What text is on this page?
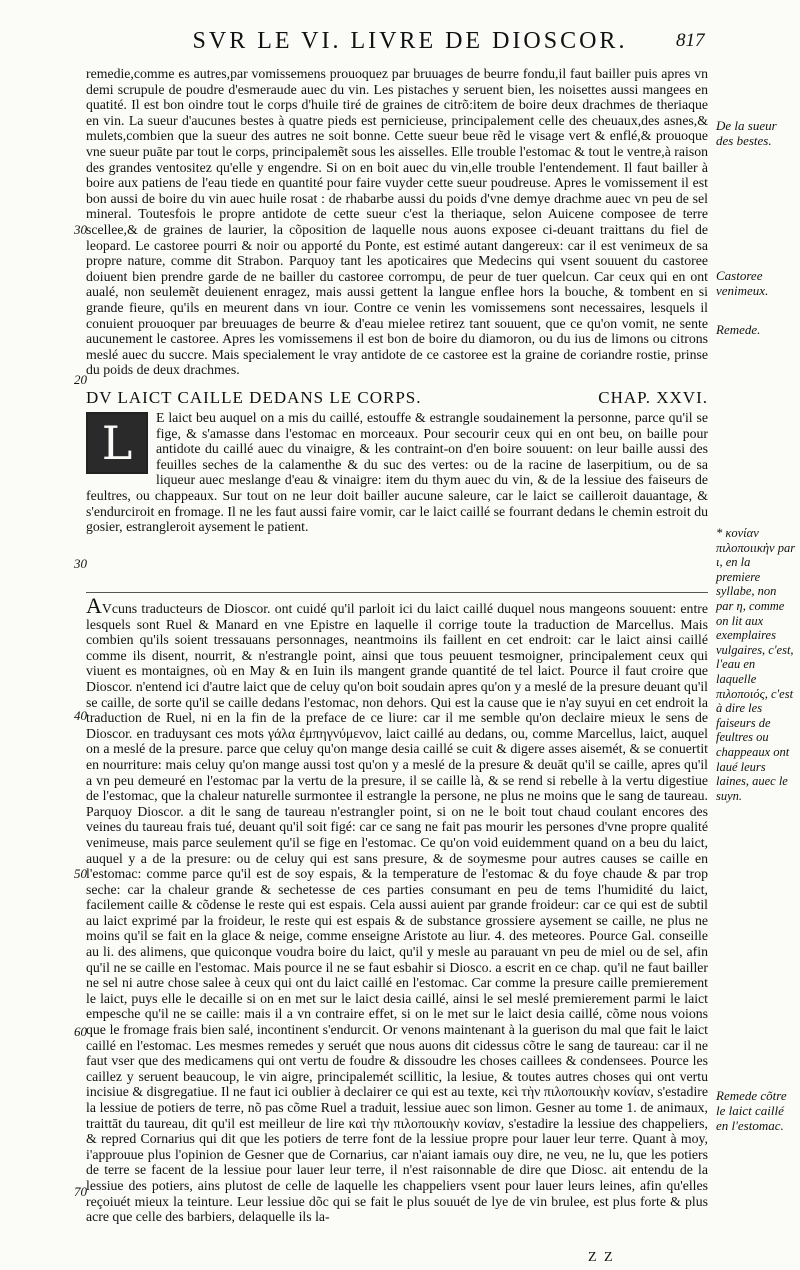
SVR LE VI. LIVRE DE DIOSCOR.	817

remedie,comme es autres,par vomissemens prouoquez par bruuages de beurre fondu,il faut bailler puis apres vn demi scrupule de poudre d'esmeraude auec du vin. Les pistaches y seruent bien, les noisettes aussi mangees en quatité. Il est bon oindre tout le corps d'huile tiré de graines de citrõ:item de boire deux drachmes de theriaque en vin. La sueur d'aucunes bestes à quatre pieds est pernicieuse, principalement celle des cheuaux,des asnes,& mulets,combien que la sueur des autres ne soit bonne. Cette sueur beue rẽd le visage vert & enflé,& prouoque vne sueur puāte par tout le corps, principalemẽt sous les aisselles. Elle trouble l'estomac & tout le ventre,à raison des grandes ventositez qu'elle y engendre. Si on en boit auec du vin,elle trouble l'entendement. Il faut bailler à boire aux patiens de l'eau tiede en quantité pour faire vuyder cette sueur poudreuse. Apres le vomissement il est bon aussi de boire du vin auec huile rosat : de rhabarbe aussi du poids d'vne demye drachme auec vn peu de sel mineral. Toutesfois le propre antidote de cette sueur c'est la theriaque, selon Auicene composee de terre scellee,& de graines de laurier, la cõposition de laquelle nous auons exposee ci-deuant traittans du fiel de leopard. Le castoree pourri & noir ou apporté du Ponte, est estimé autant dangereux: car il est venimeux de sa propre nature, comme dit Strabon. Parquoy tant les apoticaires que Medecins qui vsent souuent du castoree doiuent bien prendre garde de ne bailler du castoree corrompu, de peur de tuer quelcun. Car ceux qui en ont aualé, non seulemẽt deuienent enragez, mais aussi gettent la langue enflee hors la bouche, & tombent en si grande fieure, qu'ils en meurent dans vn iour. Contre ce venin les vomissemens sont necessaires, lesquels il conuient prouoquer par breuuages de beurre & d'eau mielee retirez tant souuent, que ce qu'on vomit, ne sente aucunement le castoree. Apres les vomissemens il est bon de boire du diamoron, ou du ius de limons ou citrons meslé auec du succre. Mais specialement le vray antidote de ce castoree est la graine de coriandre rostie, prinse du poids de deux drachmes.

DV LAICT CAILLE DEDANS LE CORPS.	CHAP. XXVI.
L	E laict beu auquel on a mis du caillé, estouffe & estrangle soudainement la personne, parce qu'il se fige, & s'amasse dans l'estomac en morceaux. Pour secourir ceux qui en ont beu, on baille pour antidote du caillé auec du vinaigre, & les contraint-on d'en boire souuent: on leur baille aussi des feuilles seches de la calamenthe & du suc des vertes: ou de la racine de laserpitium, ou de sa liqueur auec meslange d'eau & vinaigre: item du thym auec du vin, & de la lessiue des faiseurs de feultres, ou chappeaux. Sur tout on ne leur doit bailler aucune saleure, car le laict se cailleroit dauantage, & s'endurciroit en fromage. Il ne les faut aussi faire vomir, car le laict caillé se fourrant dedans le chemin estroit du gosier, estrangleroit aysement le patient.

AVcuns traducteurs de Dioscor. ont cuidé qu'il parloit ici du laict caillé duquel nous mangeons souuent: entre lesquels sont Ruel & Manard en vne Epistre en laquelle il corrige toute la traduction de Marcellus. Mais combien qu'ils soient tressauans personnages, neantmoins ils faillent en cet endroit: car le laict ainsi caillé comme ils disent, nourrit, & n'estrangle point, ainsi que tous peuuent tesmoigner, principalement ceux qui viuent es montaignes, où en May & en Iuin ils mangent grande quantité de tel laict. Pource il faut croire que Dioscor. n'entend ici d'autre laict que de celuy qu'on boit soudain apres qu'on y a meslé de la presure deuant qu'il se caille, de sorte qu'il se caille dedans l'estomac, non dehors. Qui est la cause que ie n'ay suyui en cet endroit la traduction de Ruel, ni en la fin de la preface de ce liure: car il me semble qu'on declaire mieux le sens de Dioscor. en traduysant ces mots γάλα ἐμπηγνύμενον, laict caillé au dedans, ou, comme Marcellus, laict, auquel on a meslé de la presure. parce que celuy qu'on mange desia caillé se cuit & digere asses aisemét, & se conuertit en nourriture: mais celuy qu'on mange aussi tost qu'on y a meslé de la presure & deuāt qu'il se caille, apres qu'il a vn peu demeuré en l'estomac par la vertu de la presure, il se caille là, & se rend si rebelle à la vertu digestiue de l'estomac, que la chaleur naturelle surmontee il estrangle la persone, ne plus ne moins que le sang de taureau. Parquoy Dioscor. a dit le sang de taureau n'estrangler point, si on ne le boit tout chaud coulant encores des veines du taureau frais tué, deuant qu'il soit figé: car ce sang ne fait pas mourir les persones d'vne propre qualité venimeuse, mais parce seulement qu'il se fige en l'estomac. Ce qu'on void euidemment quand on a beu du laict, auquel y a de la presure: ou de celuy qui est sans presure, & de soymesme pour autres causes se caille en l'estomac: comme parce qu'il est de soy espais, & la temperature de l'estomac & du foye chaude & par trop seche: car la chaleur grande & sechetesse de ces parties consumant en peu de tems l'humidité du laict, facilement caille & cõdense le reste qui est espais. Cela aussi auient par grande froideur: car ce qui est de subtil au laict exprimé par la froideur, le reste qui est espais & de substance grossiere aysement se caille, ne plus ne moins qu'il se fait en la glace & neige, comme enseigne Aristote au liur. 4. des meteores. Pource Gal. conseille au li. des alimens, que quiconque voudra boire du laict, qu'il y mesle au parauant vn peu de miel ou de sel, afin qu'il ne se caille en l'estomac. Mais pource il ne se faut esbahir si Diosco. a escrit en ce chap. qu'il ne faut bailler ne sel ni autre chose salee à ceux qui ont du laict caillé en l'estomac. Car comme la presure caille premierement le laict, puys elle le decaille si on en met sur le laict desia caillé, ainsi le sel meslé premierement parmi le laict empesche qu'il ne se caille: mais il a vn contraire effet, si on le met sur le laict desia caillé, cõme nous voions que le fromage frais bien salé, incontinent s'endurcit. Or venons maintenant à la guerison du mal que fait le laict caillé en l'estomac. Les mesmes remedes y seruét que nous auons dit cidessus cõtre le sang de taureau: car il ne faut vser que des medicamens qui ont vertu de foudre & dissoudre les choses caillees & condensees. Pource les caillez y seruent beaucoup, le vin aigre, principalemét scillitic, la lesiue, & toutes autres choses qui ont vertu incisiue & disgregatiue. Il ne faut ici oublier à declairer ce qui est au texte, κεὶ τὴν πιλοποιικὴν κονίαν, s'estadire la lessiue de potiers de terre, nõ pas cõme Ruel a traduit, lessiue auec son limon. Gesner au tome 1. de animaux, traittāt du taureau, dit qu'il est meilleur de lire καὶ τὴν πιλοποιικὴν κονίαν, s'estadire la lessiue des chappeliers, & repred Cornarius qui dit que les potiers de terre font de la lessiue propre pour lauer leur terre. Quant à moy, i'approuue plus l'opinion de Gesner que de Cornarius, car n'aiant iamais ouy dire, ne veu, ne lu, que les potiers de terre se facent de la lessiue pour lauer leur terre, il n'est raisonnable de dire que Diosc. ait entendu de la lessiue des potiers, ains plutost de celle de laquelle les chappeliers vsent pour lauer leurs leines, afin qu'elles reçoiuét mieux la teinture. Leur lessiue dõc qui se fait le plus souuét de lye de vin brulee, est plus forte & plus acre que celle des barbiers, delaquelle ils la-

30
20
30
40
50
60
70
De la sueur des bestes.
Castoree venimeux.
Remede.
* κονίαν πιλοποιικὴν par ι, en la premiere syllabe, non par η, comme on lit aux exemplaires vulgaires, c'est, l'eau en laquelle πιλοποιός, c'est à dire les faiseurs de feultres ou chappeaux ont laué leurs laines, auec le suyn.
Remede cõtre le laict caillé en l'estomac.
Z Z
